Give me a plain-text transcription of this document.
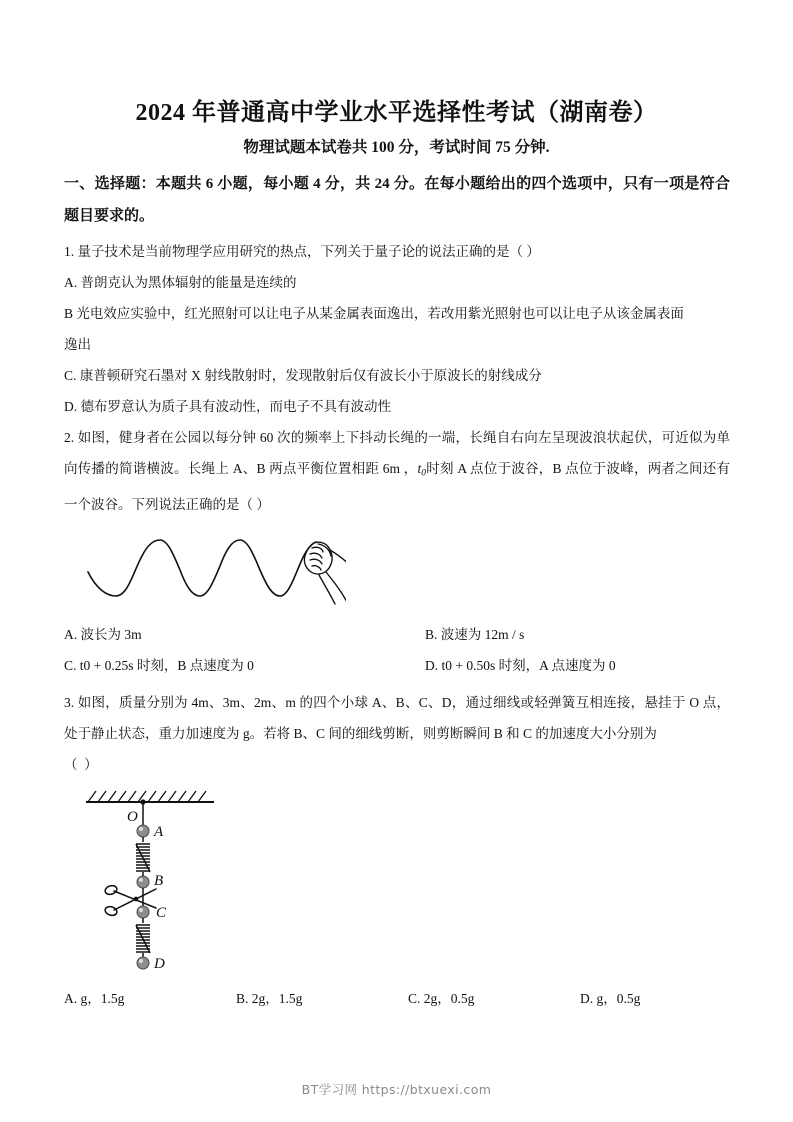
2024 年普通高中学业水平选择性考试（湖南卷）
物理试题本试卷共 100 分，考试时间 75 分钟.

一、选择题：本题共 6 小题，每小题 4 分，共 24 分。在每小题给出的四个选项中，只有一项是符合题目要求的。

1. 量子技术是当前物理学应用研究的热点，下列关于量子论的说法正确的是（ ）

A. 普朗克认为黑体辐射的能量是连续的

B 光电效应实验中，红光照射可以让电子从某金属表面逸出，若改用紫光照射也可以让电子从该金属表面

逸出

C. 康普顿研究石墨对 X 射线散射时，发现散射后仅有波长小于原波长的射线成分

D. 德布罗意认为质子具有波动性，而电子不具有波动性

2. 如图，健身者在公园以每分钟 60 次的频率上下抖动长绳的一端，长绳自右向左呈现波浪状起伏，可近似为单向传播的简谐横波。长绳上 A、B 两点平衡位置相距 6m ，$t_0$时刻 A 点位于波谷，B 点位于波峰，两者之间还有一个波谷。下列说法正确的是（ ）

A. 波长为 3m	B. 波速为 12m / s
C. t0 + 0.25s 时刻，B 点速度为 0	D. t0 + 0.50s 时刻，A 点速度为 0

3. 如图，质量分别为 4m、3m、2m、m 的四个小球 A、B、C、D，通过细线或轻弹簧互相连接，悬挂于 O 点，处于静止状态，重力加速度为 g。若将 B、C 间的细线剪断，则剪断瞬间 B 和 C 的加速度大小分别为

（ ）

O
A
B
C
D
A. g，1.5g	B. 2g，1.5g	C. 2g，0.5g	D. g，0.5g
BT学习网 https://btxuexi.com
